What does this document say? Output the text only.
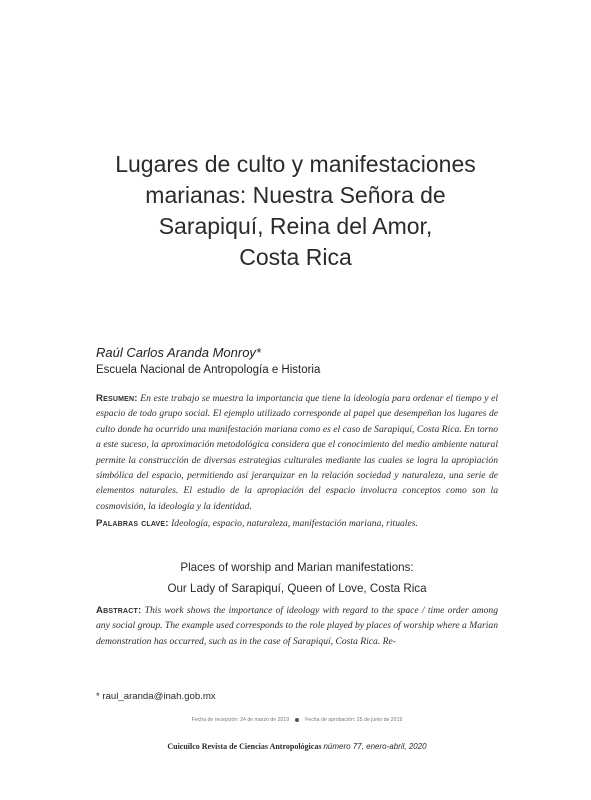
Lugares de culto y manifestaciones
marianas: Nuestra Señora de
Sarapiquí, Reina del Amor,
Costa Rica
Raúl Carlos Aranda Monroy*
Escuela Nacional de Antropología e Historia
Resumen: En este trabajo se muestra la importancia que tiene la ideología para ordenar el tiempo y el espacio de todo grupo social. El ejemplo utilizado corresponde al papel que desempeñan los lugares de culto donde ha ocurrido una manifestación mariana como es el caso de Sarapiquí, Costa Rica. En torno a este suceso, la aproximación metodológica considera que el conocimiento del medio ambiente natural permite la construcción de diversas estrategias culturales mediante las cuales se logra la apropiación simbólica del espacio, permitiendo así jerarquizar en la relación sociedad y naturaleza, una serie de elementos naturales. El estudio de la apropiación del espacio involucra conceptos como son la cosmovisión, la ideología y la identidad.
Palabras clave: Ideología, espacio, naturaleza, manifestación mariana, rituales.
Places of worship and Marian manifestations:
Our Lady of Sarapiquí, Queen of Love, Costa Rica
Abstract: This work shows the importance of ideology with regard to the space / time order among any social group. The example used corresponds to the role played by places of worship where a Marian demonstration has occurred, such as in the case of Sarapiquí, Costa Rica. Re-
* raul_aranda@inah.gob.mx
Fecha de recepción: 24 de marzo de 2019	Fecha de aprobación: 25 de junio de 2019
Cuicuilco Revista de Ciencias Antropológicas número 77, enero-abril, 2020
